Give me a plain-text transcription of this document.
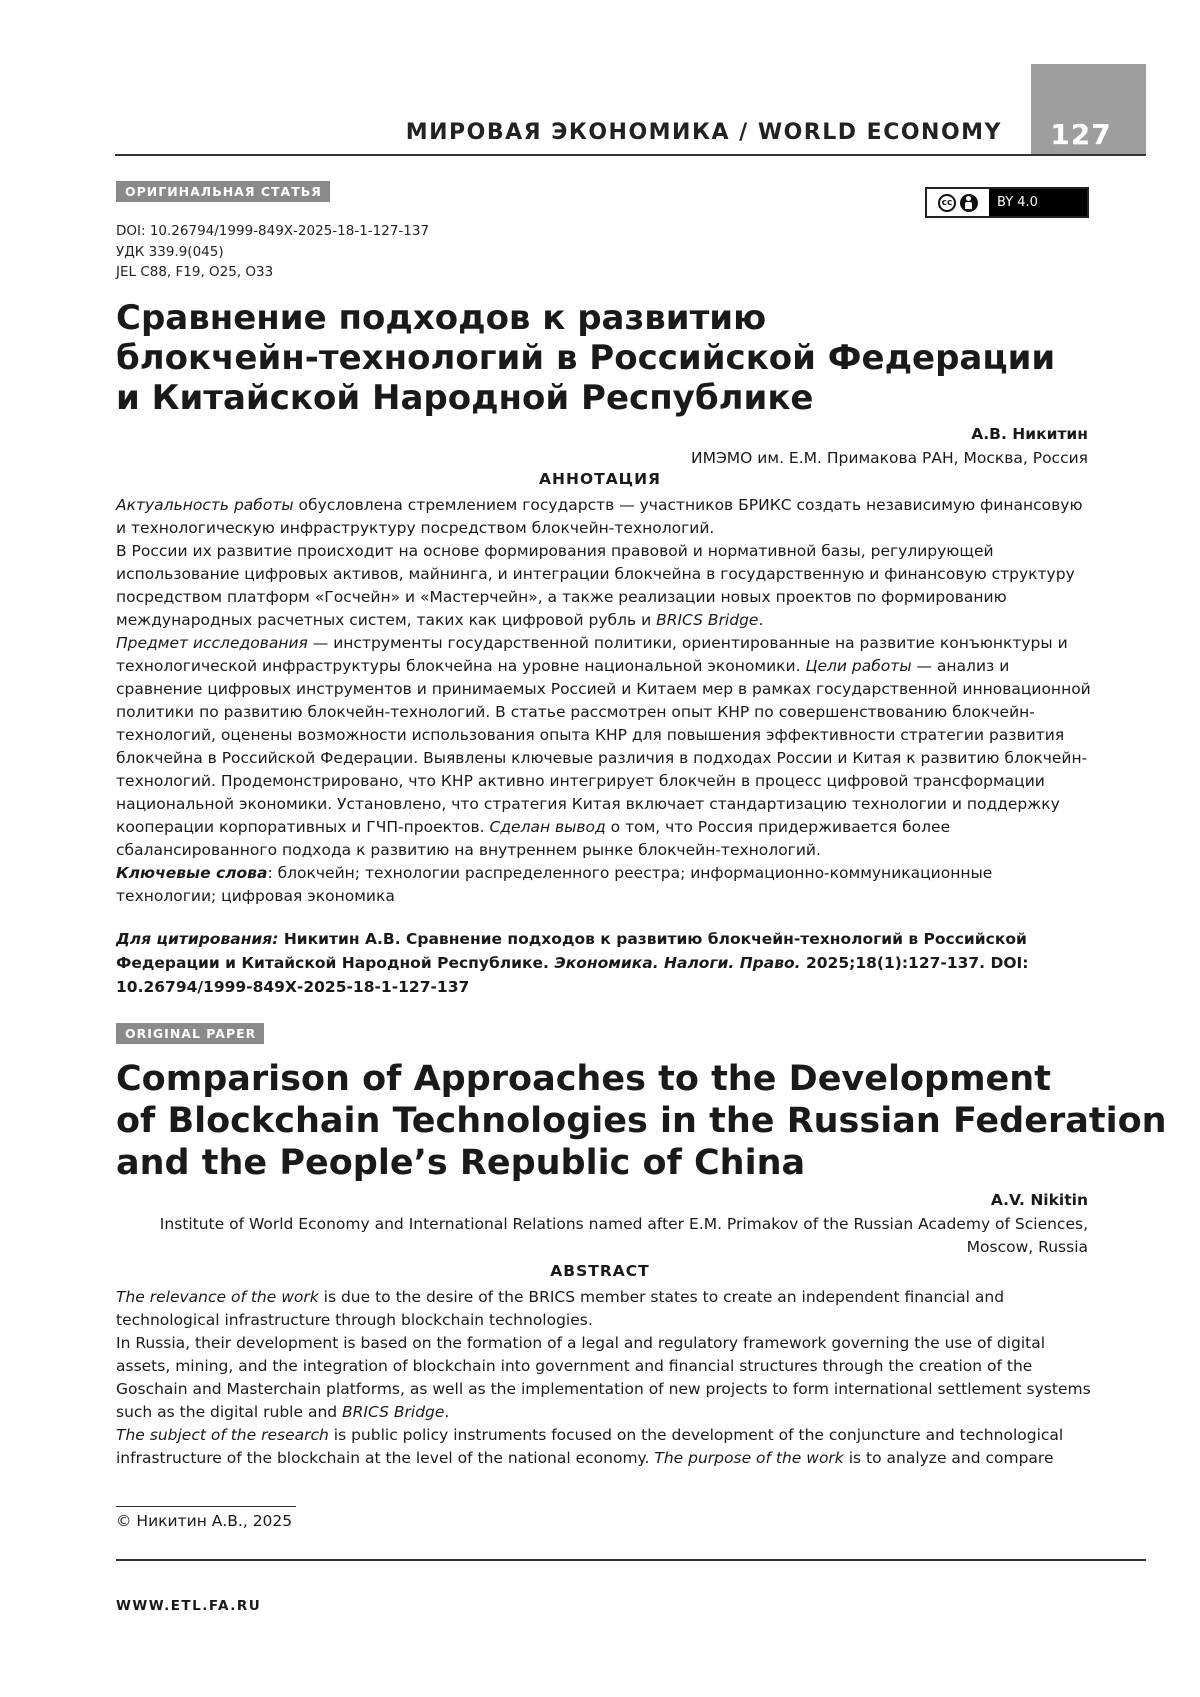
127
МИРОВАЯ ЭКОНОМИКА / WORLD ECONOMY
ОРИГИНАЛЬНАЯ СТАТЬЯ
cc	BY 4.0
DOI: 10.26794/1999-849Х-2025-18-1-127-137
УДК 339.9(045)
JEL C88, F19, O25, O33
Сравнение подходов к развитию
блокчейн-технологий в Российской Федерации
и Китайской Народной Республике
А.В. Никитин
ИМЭМО им. Е.М. Примакова РАН, Москва, Россия
АННОТАЦИЯ

Актуальность работы обусловлена стремлением государств — участников БРИКС создать независимую финансовую и технологическую инфраструктуру посредством блокчейн-технологий.

В России их развитие происходит на основе формирования правовой и нормативной базы, регулирующей использование цифровых активов, майнинга, и интеграции блокчейна в государственную и финансовую структуру посредством платформ «Госчейн» и «Мастерчейн», а также реализации новых проектов по формированию международных расчетных систем, таких как цифровой рубль и BRICS Bridge.

Предмет исследования — инструменты государственной политики, ориентированные на развитие конъюнктуры и технологической инфраструктуры блокчейна на уровне национальной экономики. Цели работы — анализ и сравнение цифровых инструментов и принимаемых Россией и Китаем мер в рамках государственной инновационной политики по развитию блокчейн-технологий. В статье рассмотрен опыт КНР по совершенствованию блокчейн-технологий, оценены возможности использования опыта КНР для повышения эффективности стратегии развития блокчейна в Российской Федерации. Выявлены ключевые различия в подходах России и Китая к развитию блокчейн-технологий. Продемонстрировано, что КНР активно интегрирует блокчейн в процесс цифровой трансформации национальной экономики. Установлено, что стратегия Китая включает стандартизацию технологии и поддержку кооперации корпоративных и ГЧП-проектов. Сделан вывод о том, что Россия придерживается более сбалансированного подхода к развитию на внутреннем рынке блокчейн-технологий.

Ключевые слова: блокчейн; технологии распределенного реестра; информационно-коммуникационные технологии; цифровая экономика

Для цитирования: Никитин А.В. Сравнение подходов к развитию блокчейн-технологий в Российской Федерации и Китайской Народной Республике. Экономика. Налоги. Право. 2025;18(1):127-137. DOI: 10.26794/1999-849Х-2025-18-1-127-137
ORIGINAL PAPER
Comparison of Approaches to the Development
of Blockchain Technologies in the Russian Federation
and the People’s Republic of China
A.V. Nikitin
Institute of World Economy and International Relations named after E.M. Primakov of the Russian Academy of Sciences,
Moscow, Russia
ABSTRACT

The relevance of the work is due to the desire of the BRICS member states to create an independent financial and technological infrastructure through blockchain technologies.

In Russia, their development is based on the formation of a legal and regulatory framework governing the use of digital assets, mining, and the integration of blockchain into government and financial structures through the creation of the Goschain and Masterchain platforms, as well as the implementation of new projects to form international settlement systems such as the digital ruble and BRICS Bridge.

The subject of the research is public policy instruments focused on the development of the conjuncture and technological infrastructure of the blockchain at the level of the national economy. The purpose of the work is to analyze and compare

© Никитин А.В., 2025
WWW.ETL.FA.RU
